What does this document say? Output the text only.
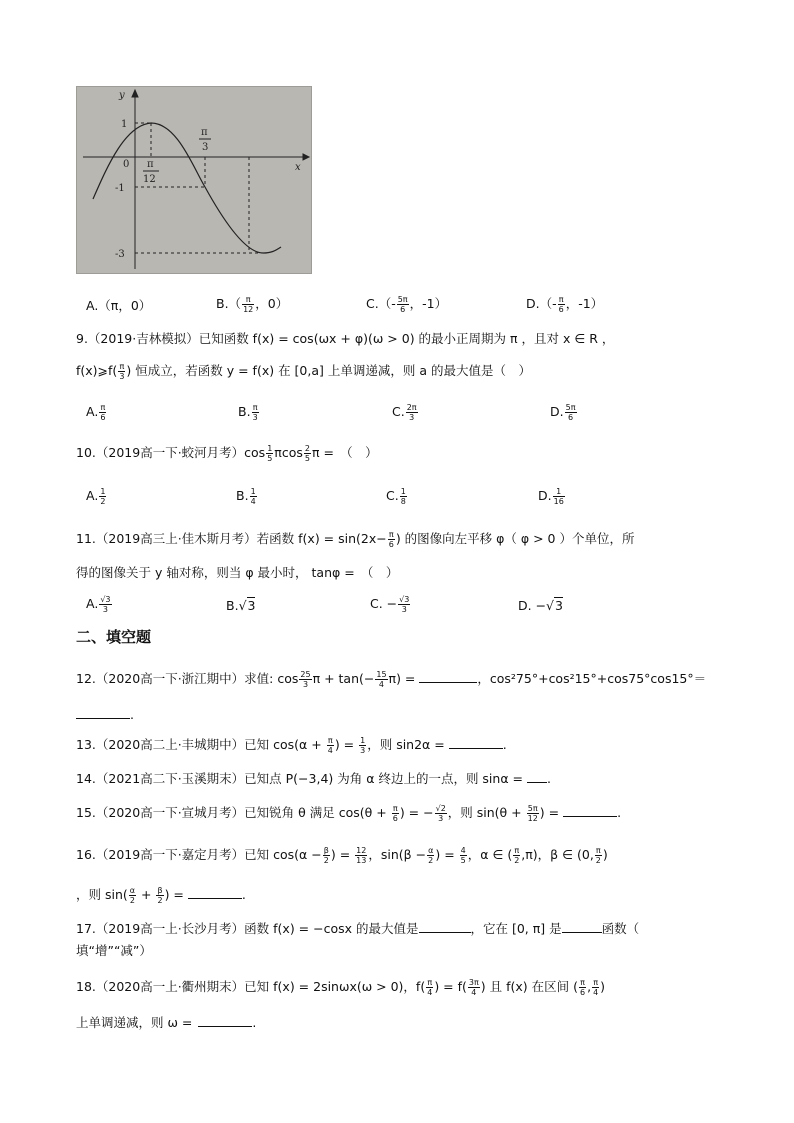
y
x
0
1
-1
-3
π
12
π
3
A.（π，0）	$B.( \frac{\pi}{12}$ ，0）	$C.(- \frac{5\pi}{6}$ ，-1）	$D.(- \frac{\pi}{6}$ ，-1）
9.（2019·吉林模拟）已知函数 f(x) = cos(ωx + φ)(ω > 0) 的最小正周期为 π ，且对 x ∈ R ，
f(x)⩾f( $\frac{\pi}{3}$ ) 恒成立，若函数 y = f(x) 在 [0,a] 上单调递减，则 a 的最大值是（　）
A. $\frac{\pi}{6}$	B. $\frac{\pi}{3}$	C. $\frac{2\pi}{3}$	D. $\frac{5\pi}{6}$
10.（2019高一下·蛟河月考）$\cos \frac{1}{5}$ πcos $\frac{2}{5}$ π =　（　）
A. $\frac{1}{2}$	B. $\frac{1}{4}$	C. $\frac{1}{8}$	D. $\frac{1}{16}$
11.（2019高三上·佳木斯月考）若函数 $f(x) = \sin(2x- \frac{\pi}{6}$ ) 的图像向左平移 φ（ φ > 0 ）个单位，所
得的图像关于 y 轴对称，则当 φ 最小时， tanφ =　（　）
A. $\frac{√3}{3}$	B.√3	C. − $\frac{√3}{3}$	D. −√3
二、填空题
12.（2020高一下·浙江期中）求值: $\cos \frac{25}{3}$ $\pi + \tan(- \frac{15}{4} \pi)$ =	，cos²75°+cos²15°+cos75°cos15°＝
.
13.（2020高二上·丰城期中）已知 $\cos(\alpha + \frac{\pi}{4}$ ) = $\frac{1}{3}$ ，则 sin2α =	.
14.（2021高二下·玉溪期末）已知点 P(−3,4) 为角 α 终边上的一点，则 sinα = .
15.（2020高一下·宣城月考）已知锐角 θ 满足 $\cos(\theta + \frac{\pi}{6}$ ) = − $\frac{√2}{3}$ ，则 $\sin(\theta + \frac{5\pi}{12}$ ) =	.
16.（2019高一下·嘉定月考）已知 $\cos(\alpha - \frac{\beta}{2}$ ) = $\frac{12}{13}$ ，$\sin(\beta - \frac{\alpha}{2}$ ) = $\frac{4}{5}$ ，α ∈ ( $\frac{\pi}{2} ,\pi$)，β ∈ (0, $\frac{\pi}{2}$ )
，则 $\sin( \frac{\alpha}{2} + \frac{\beta}{2}$ ) =	.
17.（2019高一上·长沙月考）函数 f(x) = −cosx 的最大值是	，它在 [0, π] 是	函数（
填“增”“减”）
18.（2020高一上·衢州期末）已知 f(x) = 2sinωx(ω > 0)，$f( \frac{\pi}{4}$ ) = $f( \frac{3\pi}{4}$ ) 且 f(x) 在区间 ( $\frac{\pi}{6}$ , $\frac{\pi}{4}$ )
上单调递减，则 ω =	.
